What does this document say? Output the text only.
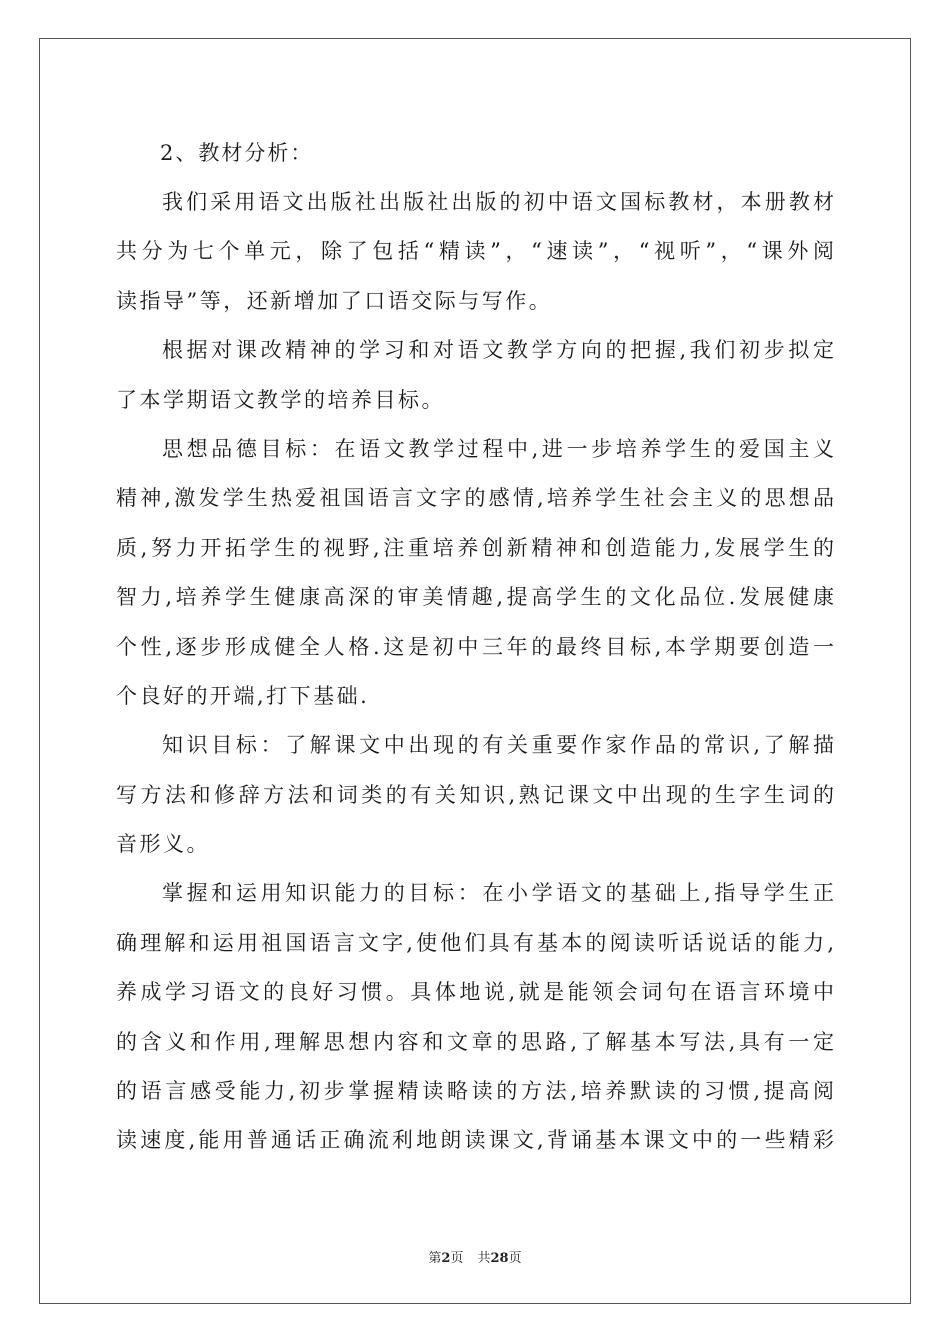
2、教材分析：
我们采用语文出版社出版社出版的初中语文国标教材，本册教材
共分为七个单元，除了包括“精读”，“速读”，“视听”，“课外阅
读指导”等，还新增加了口语交际与写作。
根据对课改精神的学习和对语文教学方向的把握,我们初步拟定
了本学期语文教学的培养目标。
思想品德目标：在语文教学过程中,进一步培养学生的爱国主义
精神,激发学生热爱祖国语言文字的感情,培养学生社会主义的思想品
质,努力开拓学生的视野,注重培养创新精神和创造能力,发展学生的
智力,培养学生健康高深的审美情趣,提高学生的文化品位.发展健康
个性,逐步形成健全人格.这是初中三年的最终目标,本学期要创造一
个良好的开端,打下基础.
知识目标：了解课文中出现的有关重要作家作品的常识,了解描
写方法和修辞方法和词类的有关知识,熟记课文中出现的生字生词的
音形义。
掌握和运用知识能力的目标：在小学语文的基础上,指导学生正
确理解和运用祖国语言文字,使他们具有基本的阅读听话说话的能力,
养成学习语文的良好习惯。具体地说,就是能领会词句在语言环境中
的含义和作用,理解思想内容和文章的思路,了解基本写法,具有一定
的语言感受能力,初步掌握精读略读的方法,培养默读的习惯,提高阅
读速度,能用普通话正确流利地朗读课文,背诵基本课文中的一些精彩
第2页 共28页
